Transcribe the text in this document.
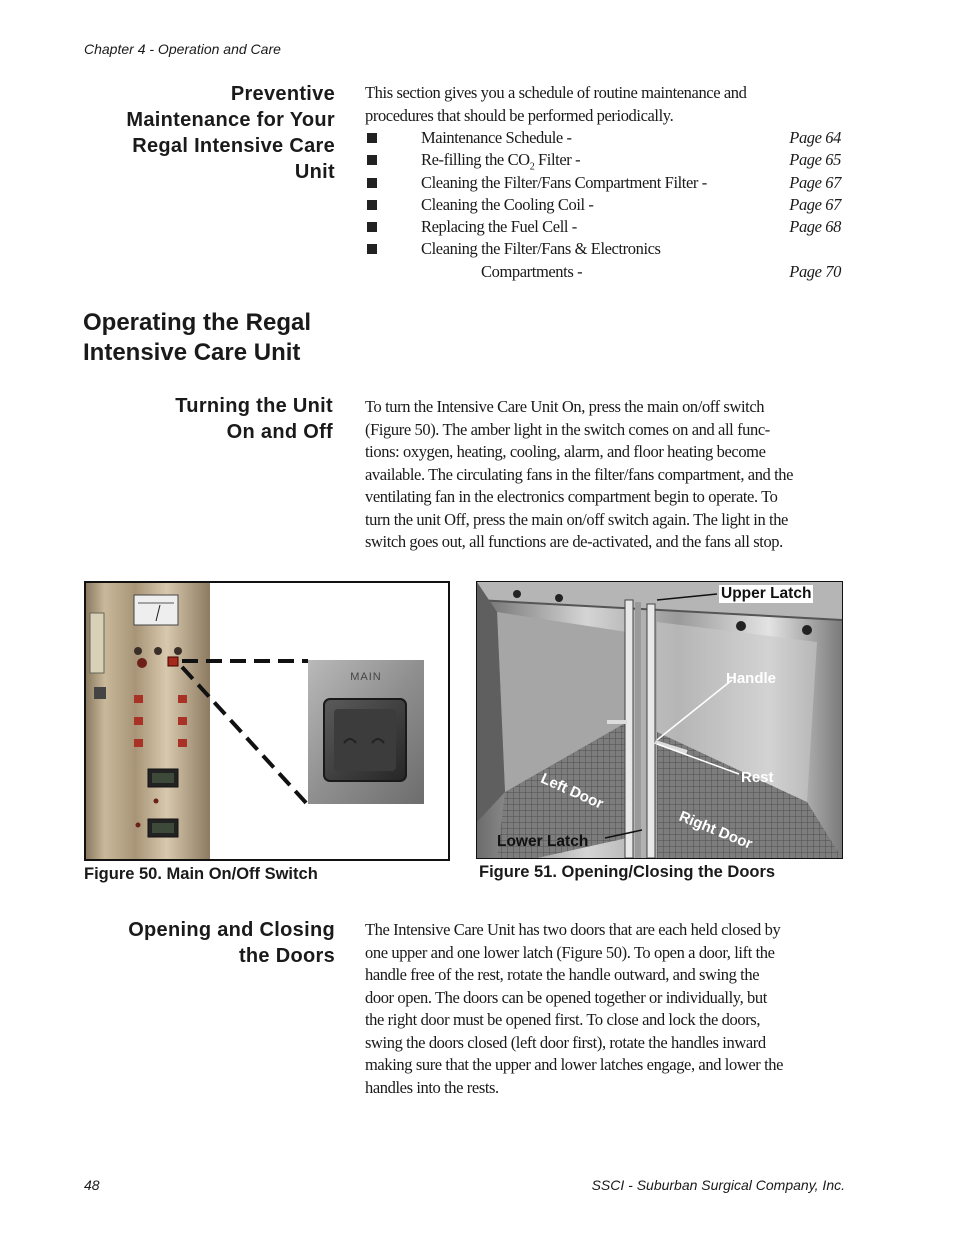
Chapter 4 - Operation and Care
Preventive
Maintenance for Your
Regal Intensive Care
Unit

This section gives you a schedule of routine maintenance and procedures that should be performed periodically.

Maintenance Schedule -	Page 64
Re-filling the $CO_2$ Filter -	Page 65
Cleaning the Filter/Fans Compartment Filter -	Page 67
Cleaning the Cooling Coil -	Page 67
Replacing the Fuel Cell -	Page 68
Cleaning the Filter/Fans & Electronics
Compartments -	Page 70
Operating the Regal
Intensive Care Unit
Turning the Unit
On and Off

To turn the Intensive Care Unit On, press the main on/off switch

(Figure 50). The amber light in the switch comes on and all func-

tions: oxygen, heating, cooling, alarm, and floor heating become

available. The circulating fans in the filter/fans compartment, and the

ventilating fan in the electronics compartment begin to operate. To

turn the unit Off, press the main on/off switch again. The light in the

switch goes out, all functions are de-activated, and the fans all stop.

MAIN
Figure 50. Main On/Off Switch
Upper Latch
Handle
Rest
Left Door
Right Door
Lower Latch
Figure 51. Opening/Closing the Doors
Opening and Closing
the Doors

The Intensive Care Unit has two doors that are each held closed by

one upper and one lower latch (Figure 50). To open a door, lift the

handle free of the rest, rotate the handle outward, and swing the

door open. The doors can be opened together or individually, but

the right door must be opened first. To close and lock the doors,

swing the doors closed (left door first), rotate the handles inward

making sure that the upper and lower latches engage, and lower the

handles into the rests.

48	SSCI - Suburban Surgical Company, Inc.
